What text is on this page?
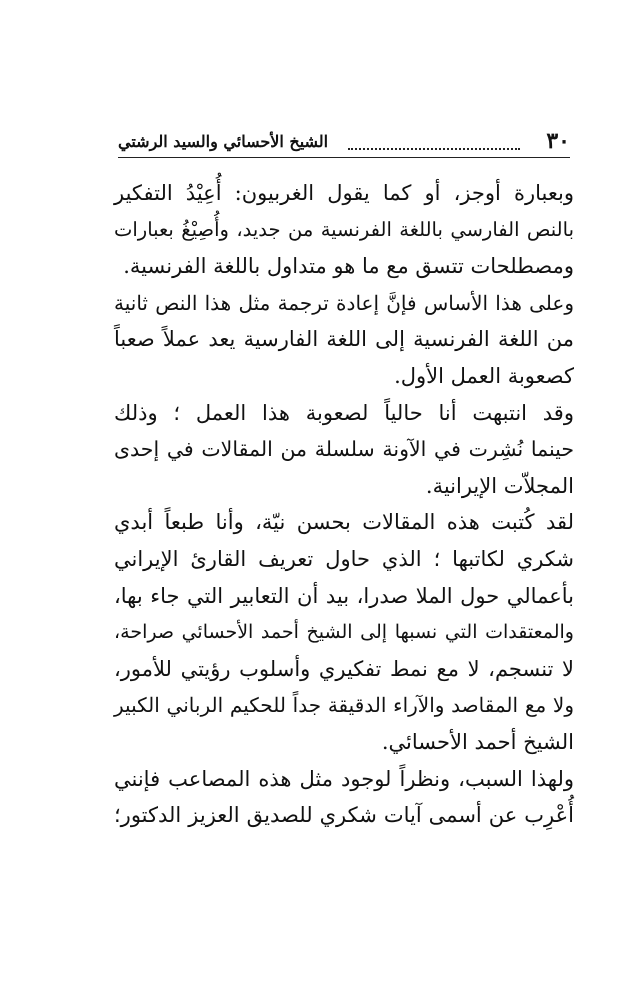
٣٠
الشيخ الأحسائي والسيد الرشتي
وبعبارة أوجز، أو كما يقول الغربيون: أُعِيْدُ التفكير
بالنص الفارسي باللغة الفرنسية من جديد، وأُصِيْغُ بعبارات
ومصطلحات تتسق مع ما هو متداول باللغة الفرنسية.
وعلى هذا الأساس فإنَّ إعادة ترجمة مثل هذا النص ثانية
من اللغة الفرنسية إلى اللغة الفارسية يعد عملاً صعباً
كصعوبة العمل الأول.
وقد انتبهت أنا حالياً لصعوبة هذا العمل ؛ وذلك
حينما نُشِرت في الآونة سلسلة من المقالات في إحدى
المجلاّت الإيرانية.
لقد كُتبت هذه المقالات بحسن نيّة، وأنا طبعاً أبدي
شكري لكاتبها ؛ الذي حاول تعريف القارئ الإيراني
بأعمالي حول الملا صدرا، بيد أن التعابير التي جاء بها،
والمعتقدات التي نسبها إلى الشيخ أحمد الأحسائي صراحة،
لا تنسجم، لا مع نمط تفكيري وأسلوب رؤيتي للأمور،
ولا مع المقاصد والآراء الدقيقة جداً للحكيم الرباني الكبير
الشيخ أحمد الأحسائي.
ولهذا السبب، ونظراً لوجود مثل هذه المصاعب فإنني
أُعْرِب عن أسمى آيات شكري للصديق العزيز الدكتور؛
